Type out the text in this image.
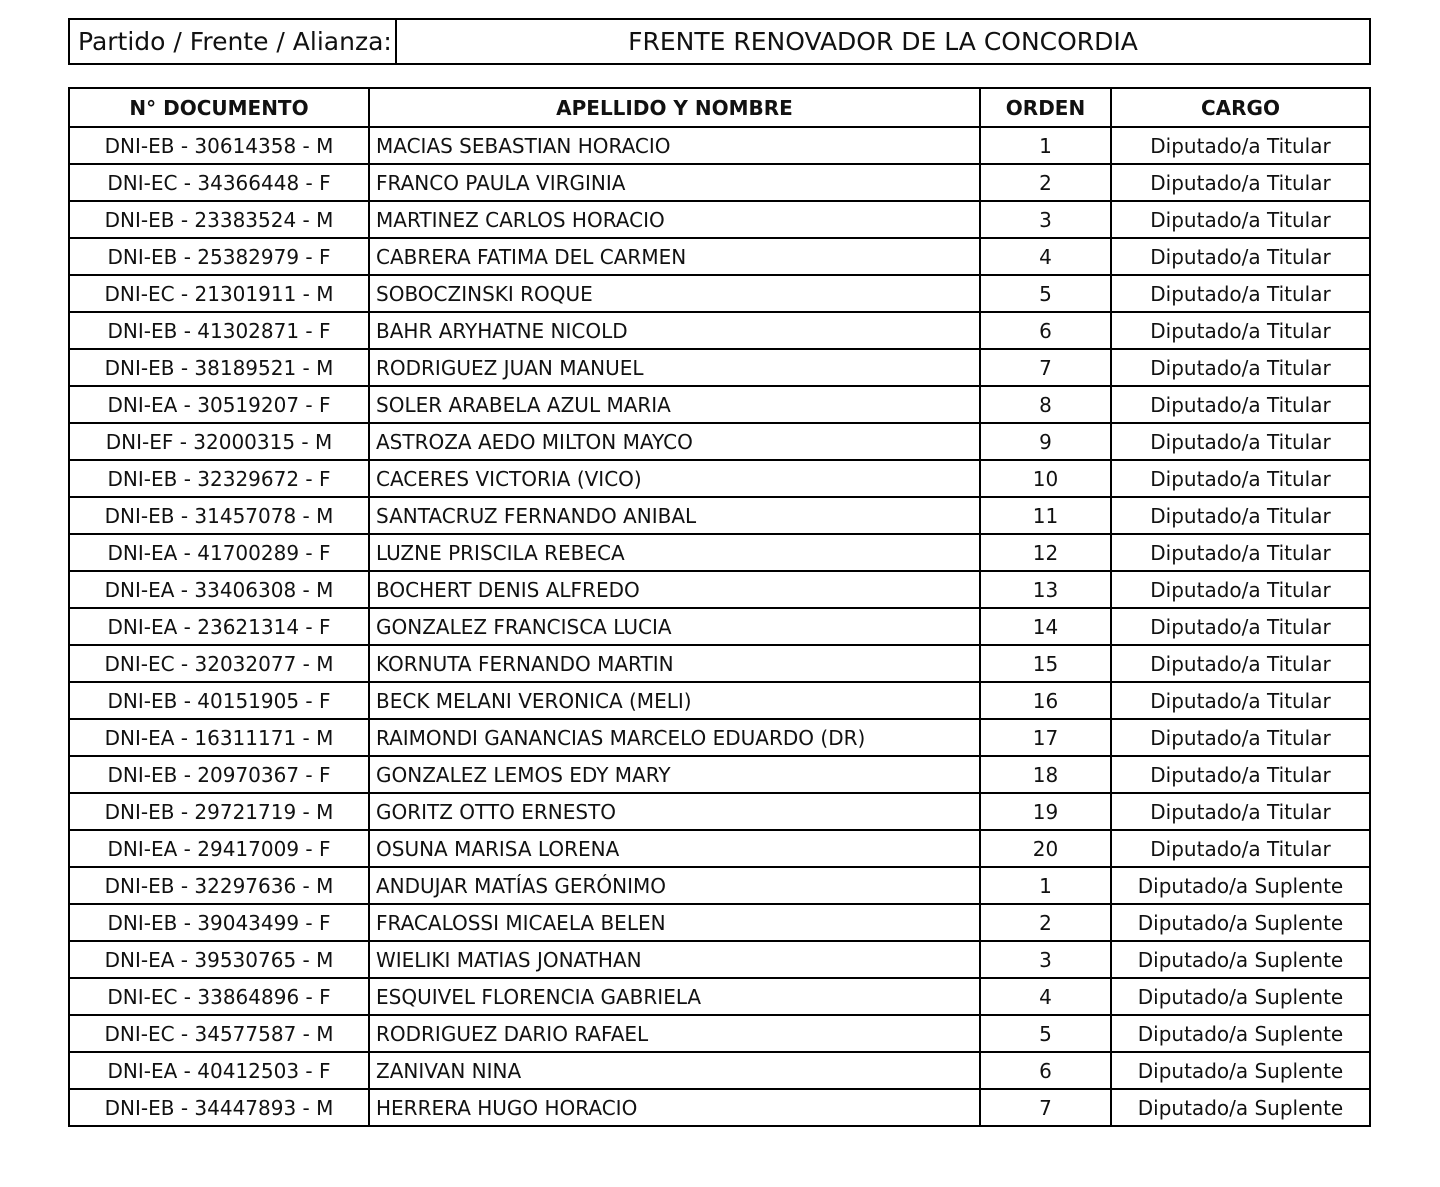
Partido / Frente / Alianza:	FRENTE RENOVADOR DE LA CONCORDIA
N° DOCUMENTO	APELLIDO Y NOMBRE	ORDEN	CARGO
DNI-EB - 30614358 - M	MACIAS SEBASTIAN HORACIO	1	Diputado/a Titular
DNI-EC - 34366448 - F	FRANCO PAULA VIRGINIA	2	Diputado/a Titular
DNI-EB - 23383524 - M	MARTINEZ CARLOS HORACIO	3	Diputado/a Titular
DNI-EB - 25382979 - F	CABRERA FATIMA DEL CARMEN	4	Diputado/a Titular
DNI-EC - 21301911 - M	SOBOCZINSKI ROQUE	5	Diputado/a Titular
DNI-EB - 41302871 - F	BAHR ARYHATNE NICOLD	6	Diputado/a Titular
DNI-EB - 38189521 - M	RODRIGUEZ JUAN MANUEL	7	Diputado/a Titular
DNI-EA - 30519207 - F	SOLER ARABELA AZUL MARIA	8	Diputado/a Titular
DNI-EF - 32000315 - M	ASTROZA AEDO MILTON MAYCO	9	Diputado/a Titular
DNI-EB - 32329672 - F	CACERES VICTORIA (VICO)	10	Diputado/a Titular
DNI-EB - 31457078 - M	SANTACRUZ FERNANDO ANIBAL	11	Diputado/a Titular
DNI-EA - 41700289 - F	LUZNE PRISCILA REBECA	12	Diputado/a Titular
DNI-EA - 33406308 - M	BOCHERT DENIS ALFREDO	13	Diputado/a Titular
DNI-EA - 23621314 - F	GONZALEZ FRANCISCA LUCIA	14	Diputado/a Titular
DNI-EC - 32032077 - M	KORNUTA FERNANDO MARTIN	15	Diputado/a Titular
DNI-EB - 40151905 - F	BECK MELANI VERONICA (MELI)	16	Diputado/a Titular
DNI-EA - 16311171 - M	RAIMONDI GANANCIAS MARCELO EDUARDO (DR)	17	Diputado/a Titular
DNI-EB - 20970367 - F	GONZALEZ LEMOS EDY MARY	18	Diputado/a Titular
DNI-EB - 29721719 - M	GORITZ OTTO ERNESTO	19	Diputado/a Titular
DNI-EA - 29417009 - F	OSUNA MARISA LORENA	20	Diputado/a Titular
DNI-EB - 32297636 - M	ANDUJAR MATÍAS GERÓNIMO	1	Diputado/a Suplente
DNI-EB - 39043499 - F	FRACALOSSI MICAELA BELEN	2	Diputado/a Suplente
DNI-EA - 39530765 - M	WIELIKI MATIAS JONATHAN	3	Diputado/a Suplente
DNI-EC - 33864896 - F	ESQUIVEL FLORENCIA GABRIELA	4	Diputado/a Suplente
DNI-EC - 34577587 - M	RODRIGUEZ DARIO RAFAEL	5	Diputado/a Suplente
DNI-EA - 40412503 - F	ZANIVAN NINA	6	Diputado/a Suplente
DNI-EB - 34447893 - M	HERRERA HUGO HORACIO	7	Diputado/a Suplente
